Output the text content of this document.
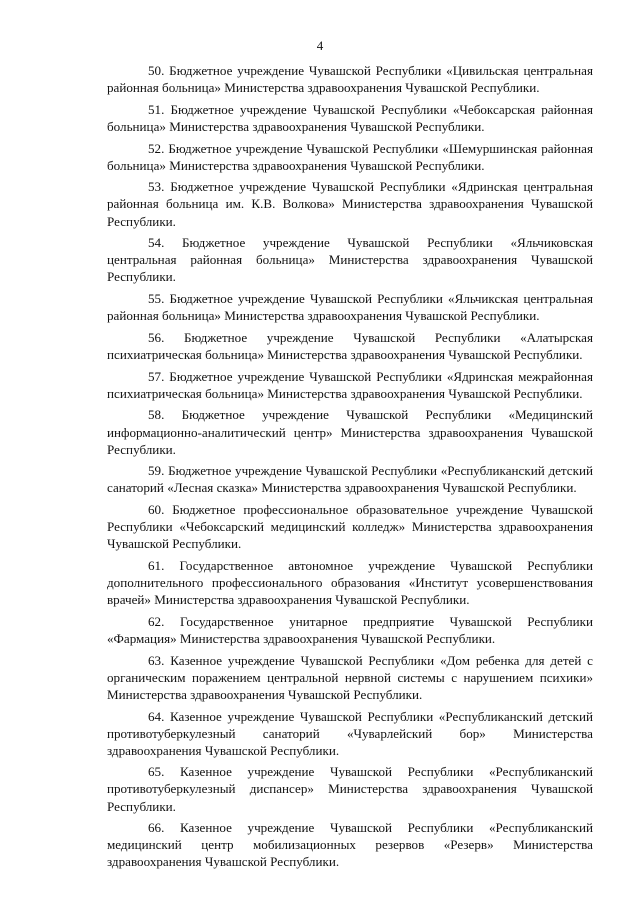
4

50. Бюджетное учреждение Чувашской Республики «Цивильская центральная районная больница» Министерства здравоохранения Чувашской Республики.

51. Бюджетное учреждение Чувашской Республики «Чебоксарская районная больница» Министерства здравоохранения Чувашской Республики.

52. Бюджетное учреждение Чувашской Республики «Шемуршинская районная больница» Министерства здравоохранения Чувашской Республики.

53. Бюджетное учреждение Чувашской Республики «Ядринская центральная районная больница им. К.В. Волкова» Министерства здравоохранения Чувашской Республики.

54. Бюджетное учреждение Чувашской Республики «Яльчиковская центральная районная больница» Министерства здравоохранения Чувашской Республики.

55. Бюджетное учреждение Чувашской Республики «Яльчикская центральная районная больница» Министерства здравоохранения Чувашской Республики.

56. Бюджетное учреждение Чувашской Республики «Алатырская психиатрическая больница» Министерства здравоохранения Чувашской Республики.

57. Бюджетное учреждение Чувашской Республики «Ядринская межрайонная психиатрическая больница» Министерства здравоохранения Чувашской Республики.

58. Бюджетное учреждение Чувашской Республики «Медицинский информационно-аналитический центр» Министерства здравоохранения Чувашской Республики.

59. Бюджетное учреждение Чувашской Республики «Республиканский детский санаторий «Лесная сказка» Министерства здравоохранения Чувашской Республики.

60. Бюджетное профессиональное образовательное учреждение Чувашской Республики «Чебоксарский медицинский колледж» Министерства здравоохранения Чувашской Республики.

61. Государственное автономное учреждение Чувашской Республики дополнительного профессионального образования «Институт усовершенствования врачей» Министерства здравоохранения Чувашской Республики.

62. Государственное унитарное предприятие Чувашской Республики «Фармация» Министерства здравоохранения Чувашской Республики.

63. Казенное учреждение Чувашской Республики «Дом ребенка для детей с органическим поражением центральной нервной системы с нарушением психики» Министерства здравоохранения Чувашской Республики.

64. Казенное учреждение Чувашской Республики «Республиканский детский противотуберкулезный санаторий «Чуварлейский бор» Министерства здравоохранения Чувашской Республики.

65. Казенное учреждение Чувашской Республики «Республиканский противотуберкулезный диспансер» Министерства здравоохранения Чувашской Республики.

66. Казенное учреждение Чувашской Республики «Республиканский медицинский центр мобилизационных резервов «Резерв» Министерства здравоохранения Чувашской Республики.
